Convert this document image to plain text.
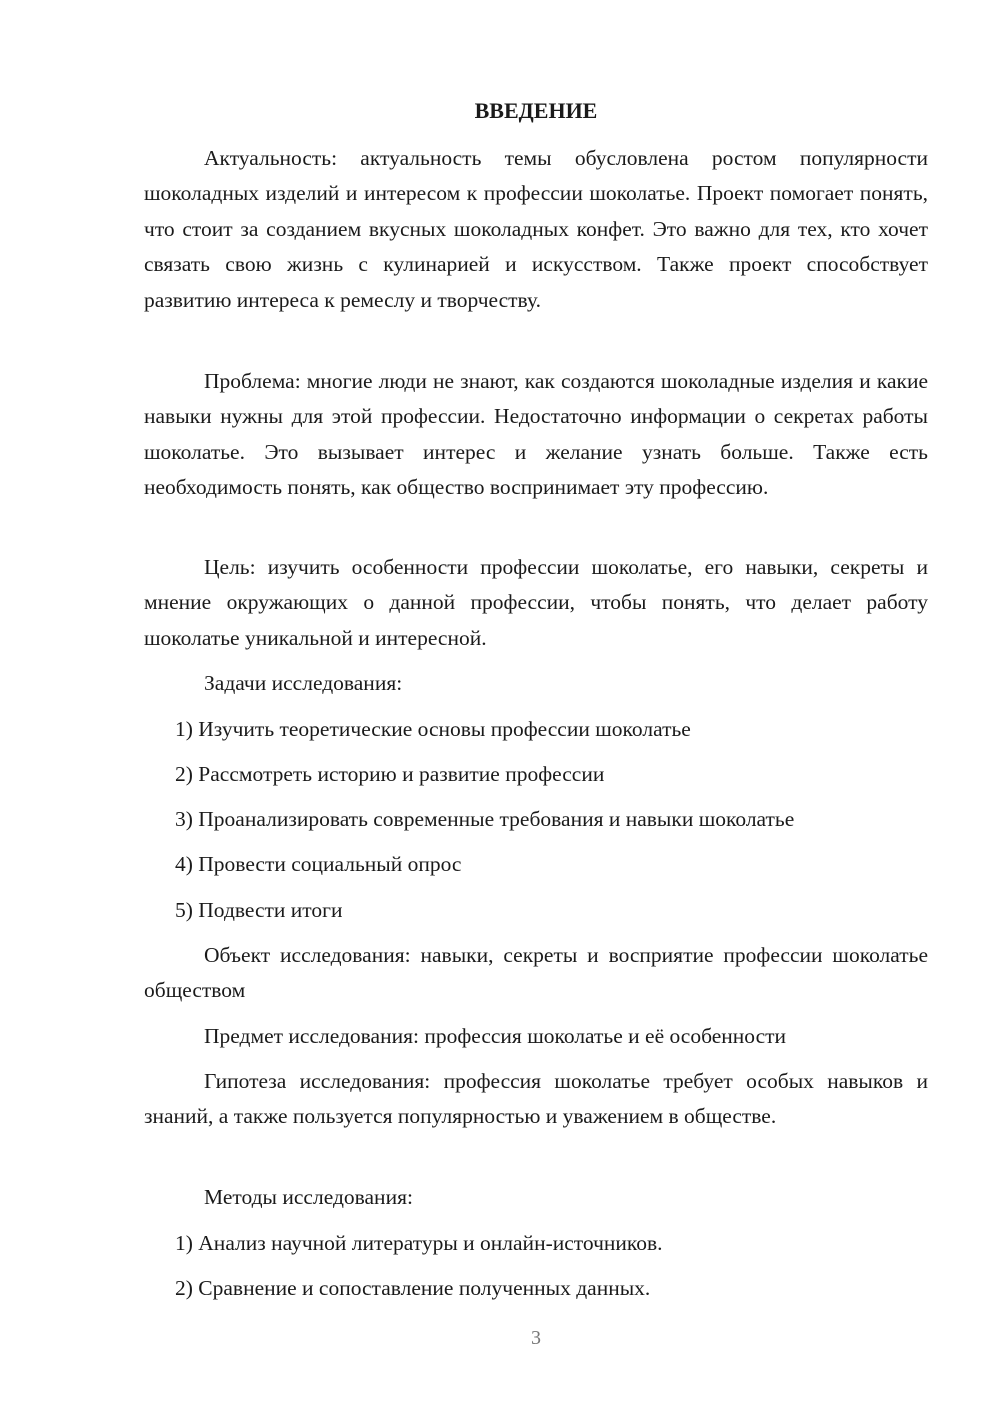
ВВЕДЕНИЕ

Актуальность: актуальность темы обусловлена ростом популярности шоколадных изделий и интересом к профессии шоколатье. Проект помогает понять, что стоит за созданием вкусных шоколадных конфет. Это важно для тех, кто хочет связать свою жизнь с кулинарией и искусством. Также проект способствует развитию интереса к ремеслу и творчеству.

Проблема: многие люди не знают, как создаются шоколадные изделия и какие навыки нужны для этой профессии. Недостаточно информации о секретах работы шоколатье. Это вызывает интерес и желание узнать больше. Также есть необходимость понять, как общество воспринимает эту профессию.

Цель: изучить особенности профессии шоколатье, его навыки, секреты и мнение окружающих о данной профессии, чтобы понять, что делает работу шоколатье уникальной и интересной.

Задачи исследования:

1) Изучить теоретические основы профессии шоколатье

2) Рассмотреть историю и развитие профессии

3) Проанализировать современные требования и навыки шоколатье

4) Провести социальный опрос

5) Подвести итоги

Объект исследования: навыки, секреты и восприятие профессии шоколатье обществом

Предмет исследования: профессия шоколатье и её особенности

Гипотеза исследования: профессия шоколатье требует особых навыков и знаний, а также пользуется популярностью и уважением в обществе.

Методы исследования:

1) Анализ научной литературы и онлайн-источников.

2) Сравнение и сопоставление полученных данных.

3
